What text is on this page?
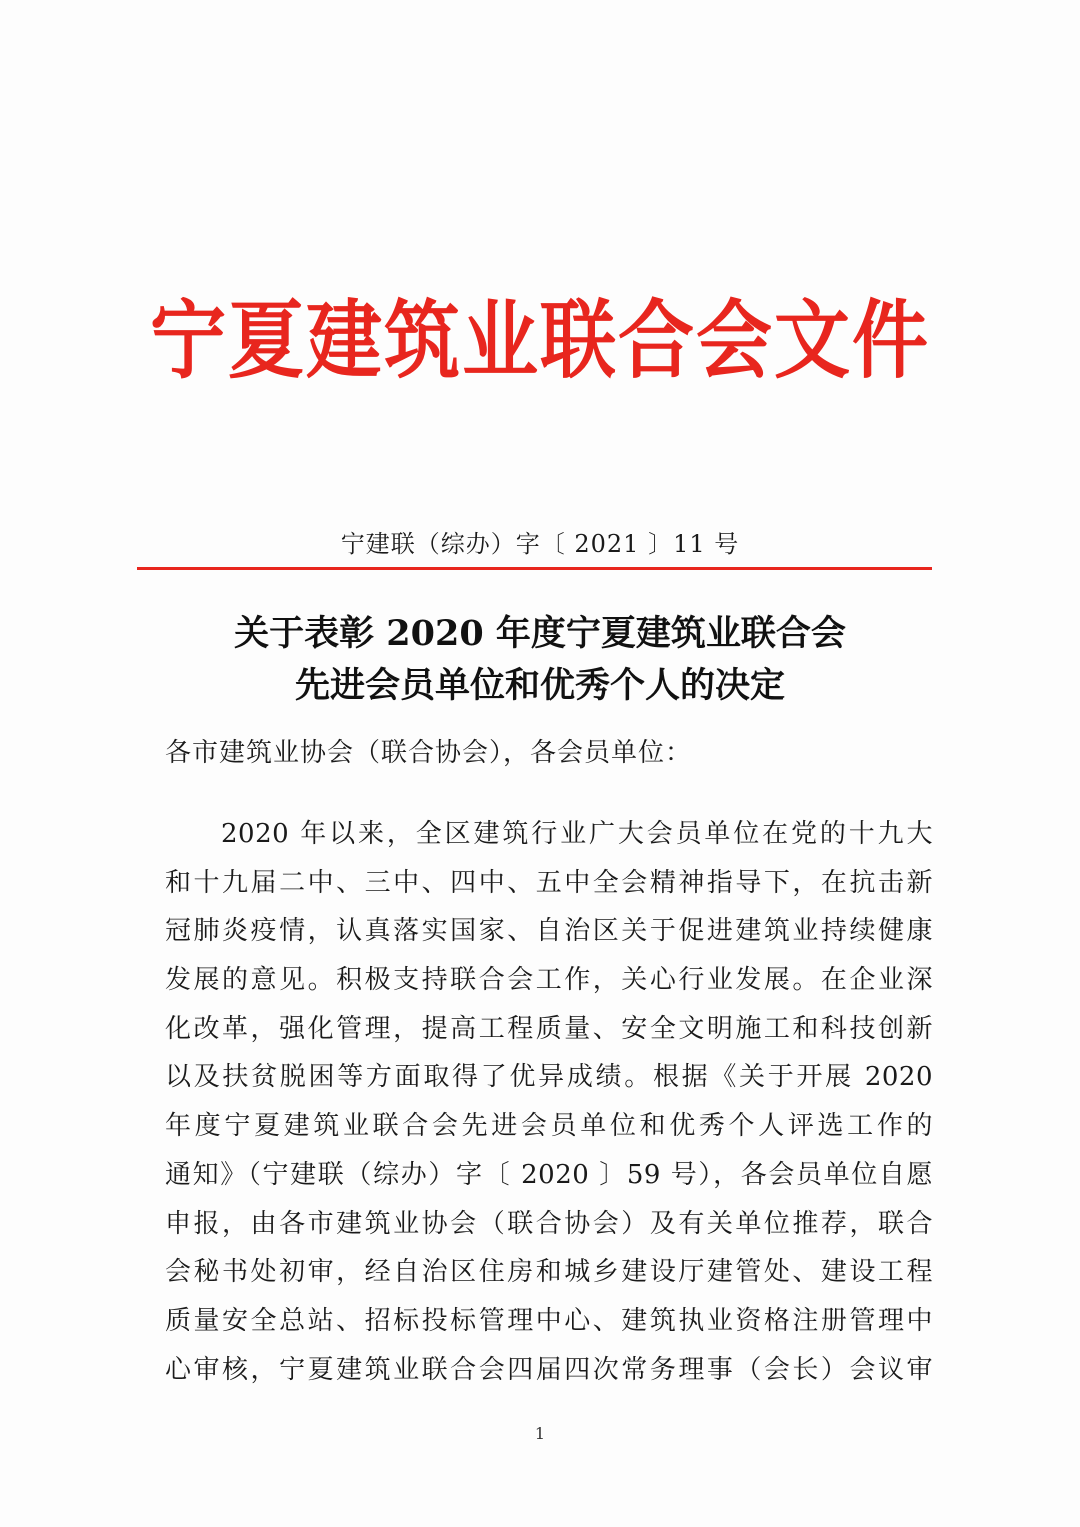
宁夏建筑业联合会文件
宁建联（综办）字〔 2021 〕11 号
关于表彰 2020 年度宁夏建筑业联合会
先进会员单位和优秀个人的决定
各市建筑业协会（联合协会），各会员单位：
2020 年以来，全区建筑行业广大会员单位在党的十九大
和十九届二中、三中、四中、五中全会精神指导下，在抗击新
冠肺炎疫情，认真落实国家、自治区关于促进建筑业持续健康
发展的意见。积极支持联合会工作，关心行业发展。在企业深
化改革，强化管理，提高工程质量、安全文明施工和科技创新
以及扶贫脱困等方面取得了优异成绩。根据《关于开展 2020
年度宁夏建筑业联合会先进会员单位和优秀个人评选工作的
通知》（宁建联（综办）字〔 2020 〕59 号），各会员单位自愿
申报，由各市建筑业协会（联合协会）及有关单位推荐，联合
会秘书处初审，经自治区住房和城乡建设厅建管处、建设工程
质量安全总站、招标投标管理中心、建筑执业资格注册管理中
心审核，宁夏建筑业联合会四届四次常务理事（会长）会议审
1
